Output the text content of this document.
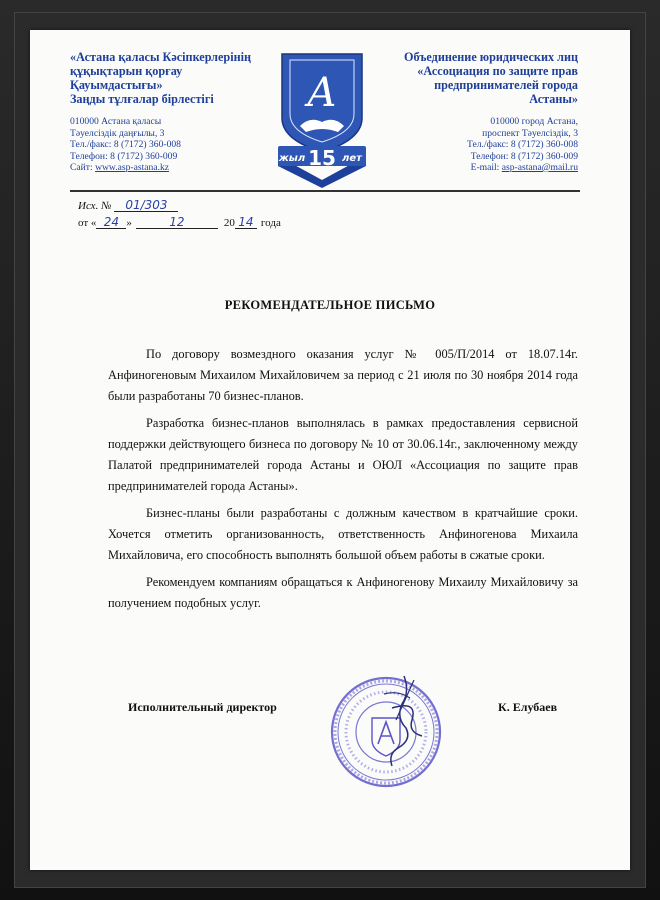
«Астана қаласы Кәсіпкерлерінің
құқықтарын қорғау
Қауымдастығы»
Заңды тұлғалар бірлестігі
010000 Астана қаласы
Тәуелсіздік даңғылы, 3
Тел./факс: 8 (7172) 360-008
Телефон: 8 (7172) 360-009
Сайт: www.asp-astana.kz
A
жыл 15 лет
Объединение юридических лиц
«Ассоциация по защите прав
предпринимателей города
Астаны»
010000 город Астана,
проспект Тәуелсіздік, 3
Тел./факс: 8 (7172) 360-008
Телефон: 8 (7172) 360-009
E-mail: asp-astana@mail.ru
Исх. №	01/303
от « 24 »	12	20 14 года
РЕКОМЕНДАТЕЛЬНОЕ ПИСЬМО

По договору возмездного оказания услуг № 005/П/2014 от 18.07.14г. Анфиногеновым Михаилом Михайловичем за период с 21 июля по 30 ноября 2014 года были разработаны 70 бизнес-планов.

Разработка бизнес-планов выполнялась в рамках предоставления сервисной поддержки действующего бизнеса по договору № 10 от 30.06.14г., заключенному между Палатой предпринимателей города Астаны и ОЮЛ «Ассоциация по защите прав предпринимателей города Астаны».

Бизнес-планы были разработаны с должным качеством в кратчайшие сроки. Хочется отметить организованность, ответственность Анфиногенова Михаила Михайловича, его способность выполнять большой объем работы в сжатые сроки.

Рекомендуем компаниям обращаться к Анфиногенову Михаилу Михайловичу за получением подобных услуг.

Исполнительный директор	К. Елубаев
